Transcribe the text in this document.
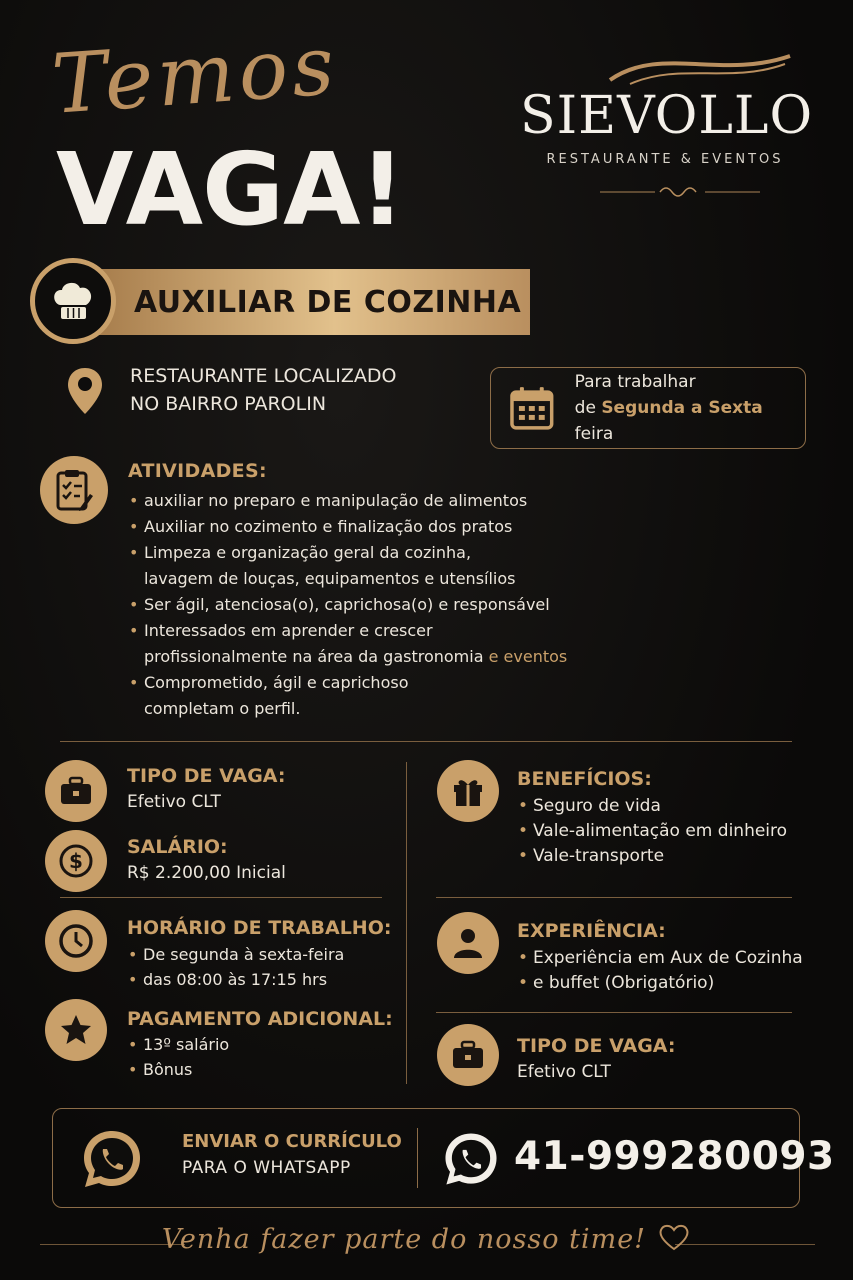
Temos
VAGA!
SIEVOLLO
RESTAURANTE & EVENTOS
AUXILIAR DE COZINHA
RESTAURANTE LOCALIZADO
NO BAIRRO PAROLIN
Para trabalhar
de Segunda a Sexta feira
ATIVIDADES:
• auxiliar no preparo e manipulação de alimentos
• Auxiliar no cozimento e finalização dos pratos
• Limpeza e organização geral da cozinha,
lavagem de louças, equipamentos e utensílios
• Ser ágil, atenciosa(o), caprichosa(o) e responsável
• Interessados em aprender e crescer
profissionalmente na área da gastronomia e eventos
• Comprometido, ágil e caprichoso
completam o perfil.
TIPO DE VAGA:
Efetivo CLT
$
SALÁRIO:
R$ 2.200,00 Inicial
HORÁRIO DE TRABALHO:
• De segunda à sexta-feira
• das 08:00 às 17:15 hrs
PAGAMENTO ADICIONAL:
• 13º salário
• Bônus
BENEFÍCIOS:
• Seguro de vida
• Vale-alimentação em dinheiro
• Vale-transporte
EXPERIÊNCIA:
• Experiência em Aux de Cozinha
• e buffet (Obrigatório)
TIPO DE VAGA:
Efetivo CLT
ENVIAR O CURRÍCULO
PARA O WHATSAPP	41-999280093
Venha fazer parte do nosso time!
